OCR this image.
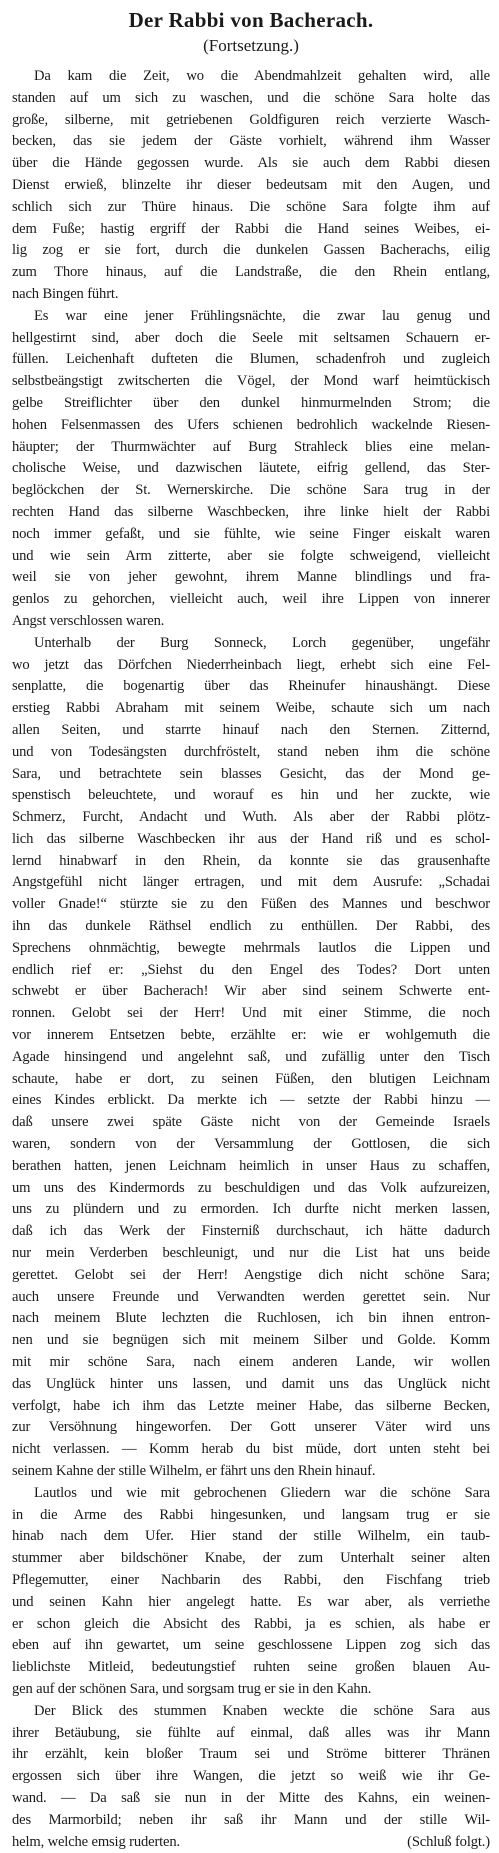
Der Rabbi von Bacherach.
(Fortsetzung.)
Da kam die Zeit, wo die Abendmahlzeit gehalten wird, alle
standen auf um sich zu waschen, und die schöne Sara holte das
große, silberne, mit getriebenen Goldfiguren reich verzierte Wasch-
becken, das sie jedem der Gäste vorhielt, während ihm Wasser
über die Hände gegossen wurde. Als sie auch dem Rabbi diesen
Dienst erwieß, blinzelte ihr dieser bedeutsam mit den Augen, und
schlich sich zur Thüre hinaus. Die schöne Sara folgte ihm auf
dem Fuße; hastig ergriff der Rabbi die Hand seines Weibes, ei-
lig zog er sie fort, durch die dunkelen Gassen Bacherachs, eilig
zum Thore hinaus, auf die Landstraße, die den Rhein entlang,
nach Bingen führt.
Es war eine jener Frühlingsnächte, die zwar lau genug und
hellgestirnt sind, aber doch die Seele mit seltsamen Schauern er-
füllen. Leichenhaft dufteten die Blumen, schadenfroh und zugleich
selbstbeängstigt zwitscherten die Vögel, der Mond warf heimtückisch
gelbe Streiflichter über den dunkel hinmurmelnden Strom; die
hohen Felsenmassen des Ufers schienen bedrohlich wackelnde Riesen-
häupter; der Thurmwächter auf Burg Strahleck blies eine melan-
cholische Weise, und dazwischen läutete, eifrig gellend, das Ster-
beglöckchen der St. Wernerskirche. Die schöne Sara trug in der
rechten Hand das silberne Waschbecken, ihre linke hielt der Rabbi
noch immer gefaßt, und sie fühlte, wie seine Finger eiskalt waren
und wie sein Arm zitterte, aber sie folgte schweigend, vielleicht
weil sie von jeher gewohnt, ihrem Manne blindlings und fra-
genlos zu gehorchen, vielleicht auch, weil ihre Lippen von innerer
Angst verschlossen waren.
Unterhalb der Burg Sonneck, Lorch gegenüber, ungefähr
wo jetzt das Dörfchen Niederrheinbach liegt, erhebt sich eine Fel-
senplatte, die bogenartig über das Rheinufer hinaushängt. Diese
erstieg Rabbi Abraham mit seinem Weibe, schaute sich um nach
allen Seiten, und starrte hinauf nach den Sternen. Zitternd,
und von Todesängsten durchfröstelt, stand neben ihm die schöne
Sara, und betrachtete sein blasses Gesicht, das der Mond ge-
spenstisch beleuchtete, und worauf es hin und her zuckte, wie
Schmerz, Furcht, Andacht und Wuth. Als aber der Rabbi plötz-
lich das silberne Waschbecken ihr aus der Hand riß und es schol-
lernd hinabwarf in den Rhein, da konnte sie das grausenhafte
Angstgefühl nicht länger ertragen, und mit dem Ausrufe: „Schadai
voller Gnade!“ stürzte sie zu den Füßen des Mannes und beschwor
ihn das dunkele Räthsel endlich zu enthüllen. Der Rabbi, des
Sprechens ohnmächtig, bewegte mehrmals lautlos die Lippen und
endlich rief er: „Siehst du den Engel des Todes? Dort unten
schwebt er über Bacherach! Wir aber sind seinem Schwerte ent-
ronnen. Gelobt sei der Herr! Und mit einer Stimme, die noch
vor innerem Entsetzen bebte, erzählte er: wie er wohlgemuth die
Agade hinsingend und angelehnt saß, und zufällig unter den Tisch
schaute, habe er dort, zu seinen Füßen, den blutigen Leichnam
eines Kindes erblickt. Da merkte ich — setzte der Rabbi hinzu —
daß unsere zwei späte Gäste nicht von der Gemeinde Israels
waren, sondern von der Versammlung der Gottlosen, die sich
berathen hatten, jenen Leichnam heimlich in unser Haus zu schaffen,
um uns des Kindermords zu beschuldigen und das Volk aufzureizen,
uns zu plündern und zu ermorden. Ich durfte nicht merken lassen,
daß ich das Werk der Finsterniß durchschaut, ich hätte dadurch
nur mein Verderben beschleunigt, und nur die List hat uns beide
gerettet. Gelobt sei der Herr! Aengstige dich nicht schöne Sara;
auch unsere Freunde und Verwandten werden gerettet sein. Nur
nach meinem Blute lechzten die Ruchlosen, ich bin ihnen entron-
nen und sie begnügen sich mit meinem Silber und Golde. Komm
mit mir schöne Sara, nach einem anderen Lande, wir wollen
das Unglück hinter uns lassen, und damit uns das Unglück nicht
verfolgt, habe ich ihm das Letzte meiner Habe, das silberne Becken,
zur Versöhnung hingeworfen. Der Gott unserer Väter wird uns
nicht verlassen. — Komm herab du bist müde, dort unten steht bei
seinem Kahne der stille Wilhelm, er fährt uns den Rhein hinauf.
Lautlos und wie mit gebrochenen Gliedern war die schöne Sara
in die Arme des Rabbi hingesunken, und langsam trug er sie
hinab nach dem Ufer. Hier stand der stille Wilhelm, ein taub-
stummer aber bildschöner Knabe, der zum Unterhalt seiner alten
Pflegemutter, einer Nachbarin des Rabbi, den Fischfang trieb
und seinen Kahn hier angelegt hatte. Es war aber, als verriethe
er schon gleich die Absicht des Rabbi, ja es schien, als habe er
eben auf ihn gewartet, um seine geschlossene Lippen zog sich das
lieblichste Mitleid, bedeutungstief ruhten seine großen blauen Au-
gen auf der schönen Sara, und sorgsam trug er sie in den Kahn.
Der Blick des stummen Knaben weckte die schöne Sara aus
ihrer Betäubung, sie fühlte auf einmal, daß alles was ihr Mann
ihr erzählt, kein bloßer Traum sei und Ströme bitterer Thränen
ergossen sich über ihre Wangen, die jetzt so weiß wie ihr Ge-
wand. — Da saß sie nun in der Mitte des Kahns, ein weinen-
des Marmorbild; neben ihr saß ihr Mann und der stille Wil-
helm, welche emsig ruderten.	(Schluß folgt.)
